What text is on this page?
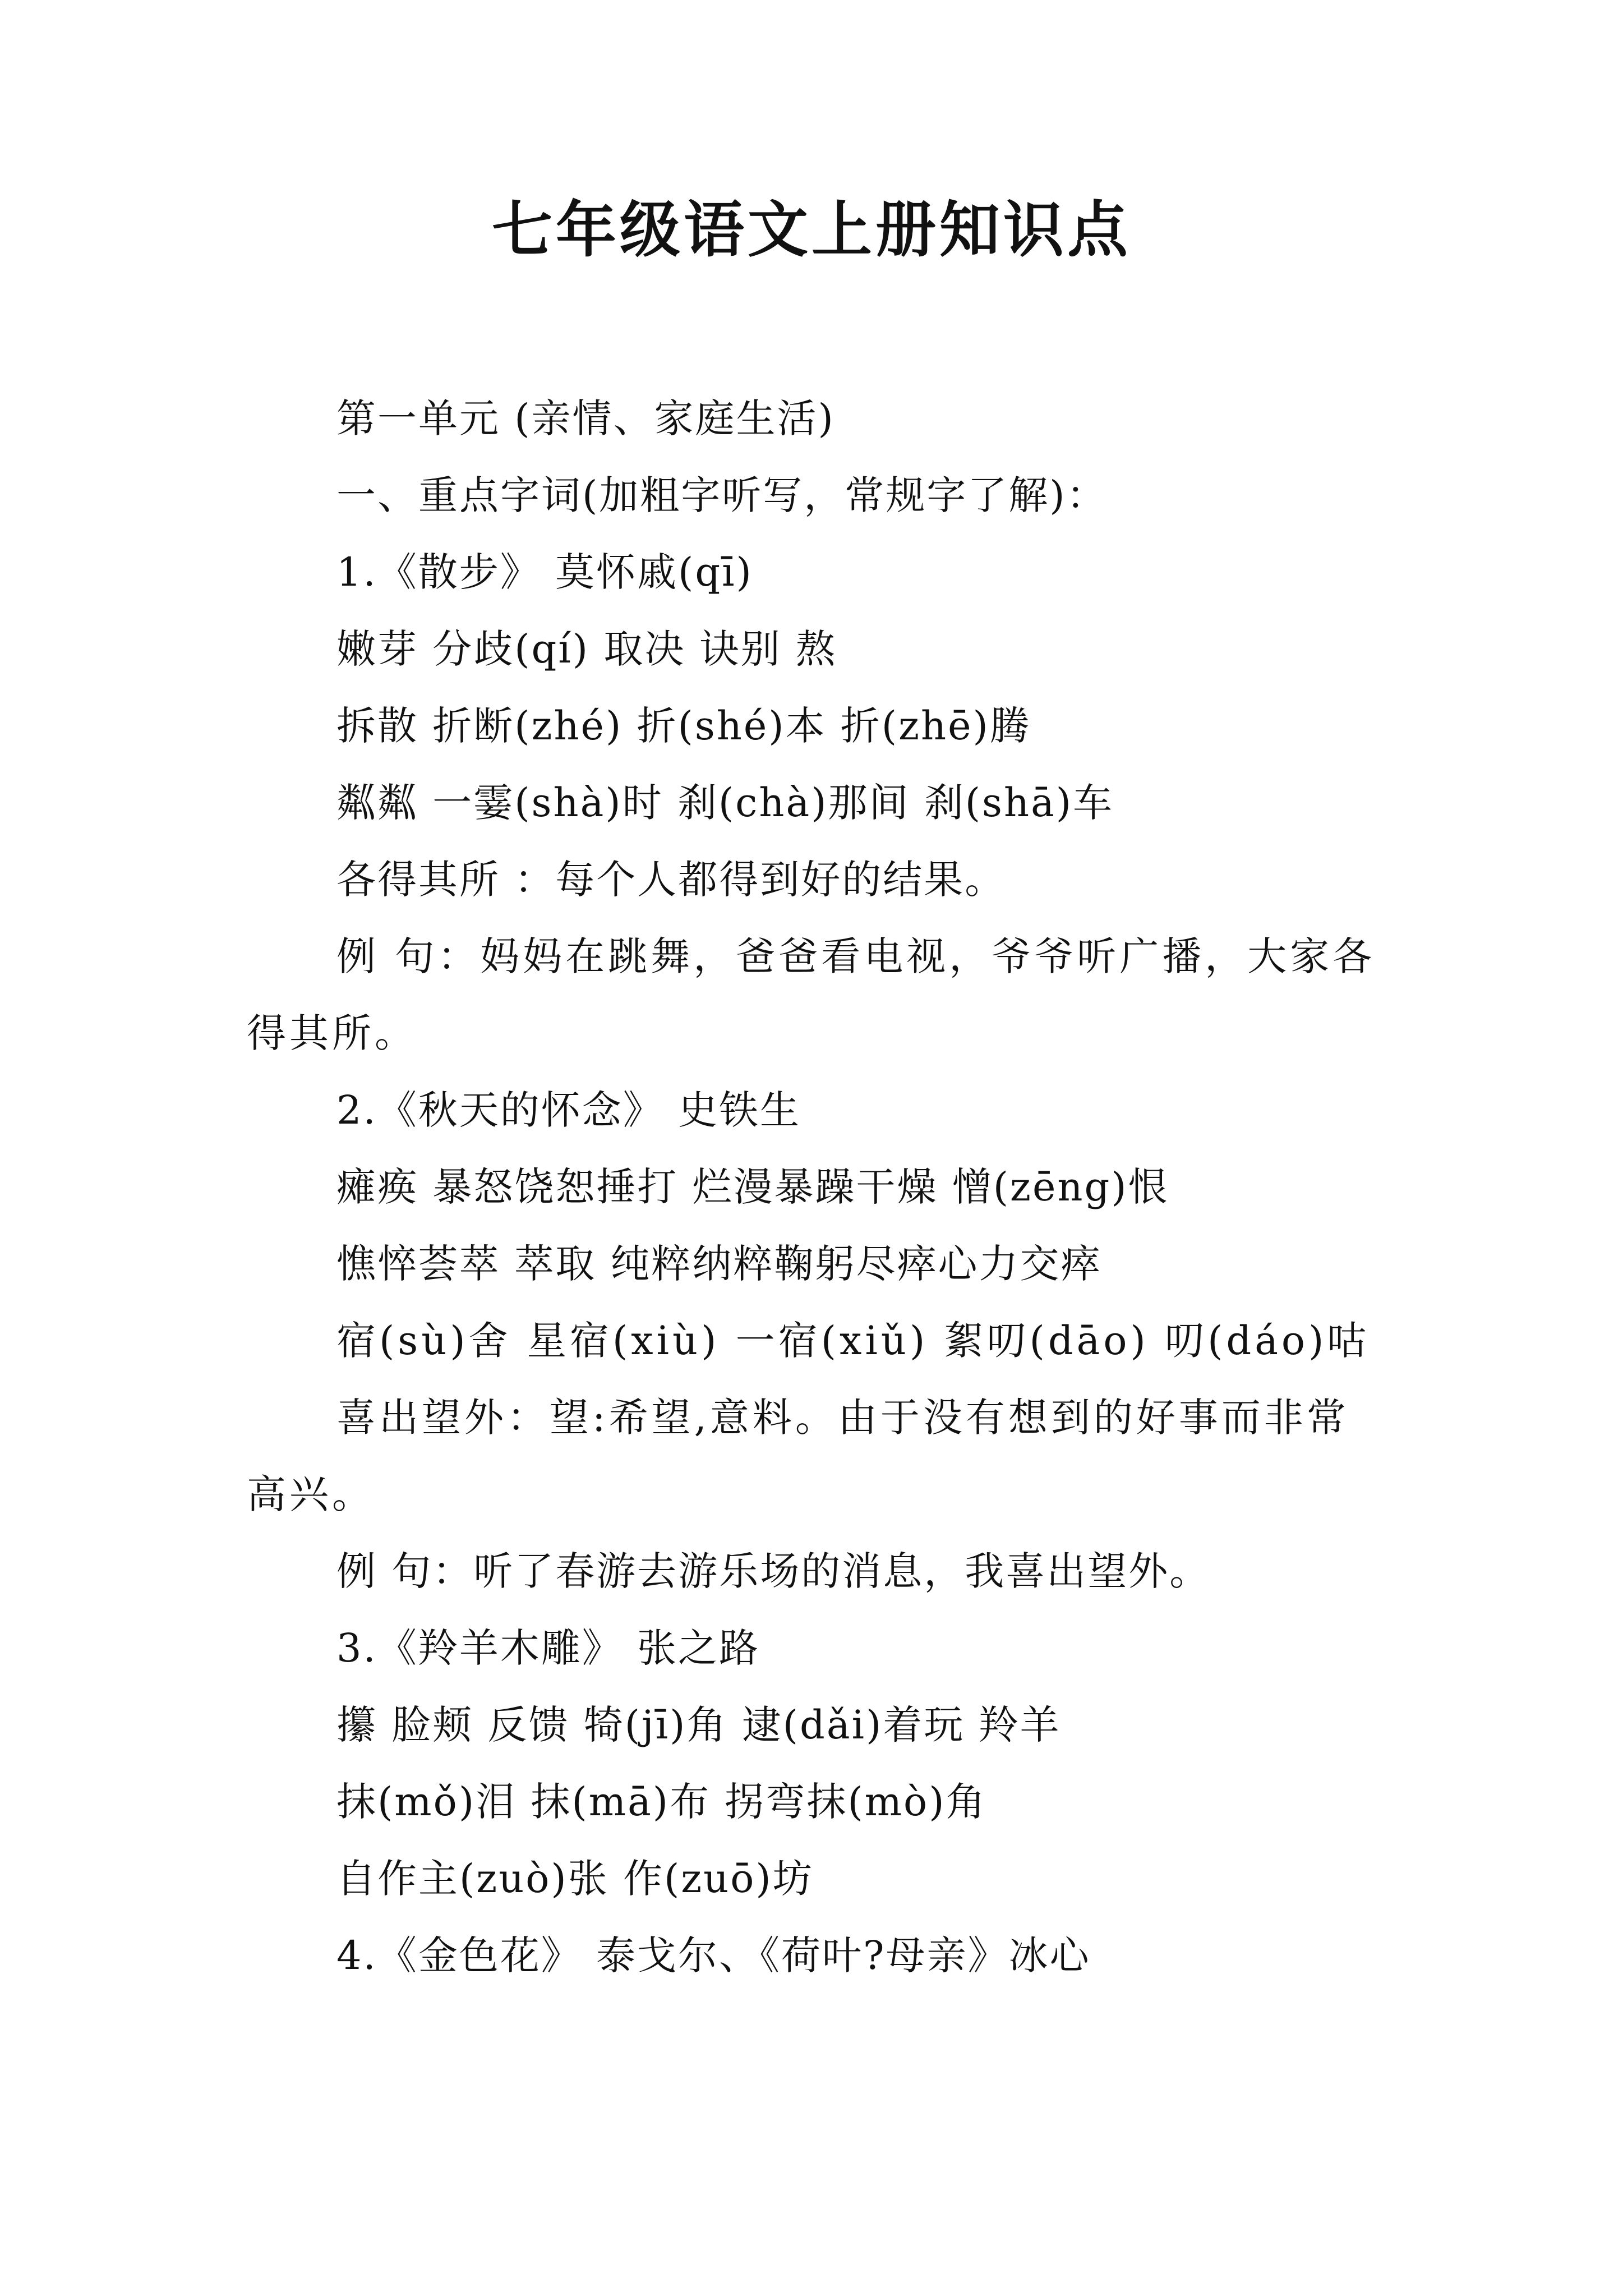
七年级语文上册知识点

第一单元 (亲情、家庭生活)

一、重点字词(加粗字听写，常规字了解)：

1.《散步》 莫怀戚(qī)

嫩芽 分歧(qí) 取决 诀别 熬

拆散 折断(zhé) 折(shé)本 折(zhē)腾

粼粼 一霎(shà)时 刹(chà)那间 刹(shā)车

各得其所 ：每个人都得到好的结果。

例 句：妈妈在跳舞，爸爸看电视，爷爷听广播，大家各得其所。

2.《秋天的怀念》 史铁生

瘫痪 暴怒饶恕捶打 烂漫暴躁干燥 憎(zēng)恨

憔悴荟萃 萃取 纯粹纳粹鞠躬尽瘁心力交瘁

宿(sù)舍 星宿(xiù) 一宿(xiǔ) 絮叨(dāo) 叨(dáo)咕

喜出望外：望:希望,意料。由于没有想到的好事而非常高兴。

例 句：听了春游去游乐场的消息，我喜出望外。

3.《羚羊木雕》 张之路

攥 脸颊 反馈 犄(jī)角 逮(dǎi)着玩 羚羊

抹(mǒ)泪 抹(mā)布 拐弯抹(mò)角

自作主(zuò)张 作(zuō)坊

4.《金色花》 泰戈尔、《荷叶?母亲》冰心
